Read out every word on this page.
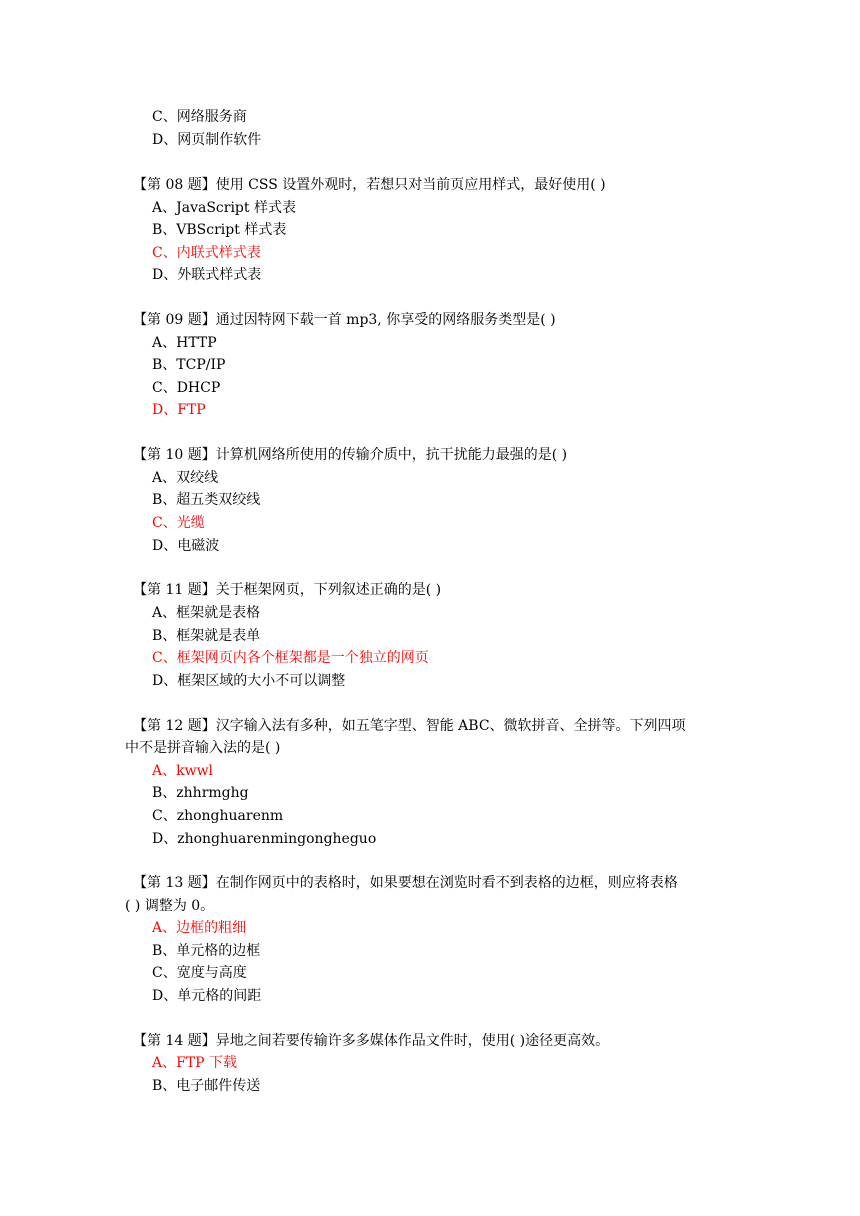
C、网络服务商
D、网页制作软件
【第 08 题】使用 CSS 设置外观时，若想只对当前页应用样式，最好使用( )
A、JavaScript 样式表
B、VBScript 样式表
C、内联式样式表
D、外联式样式表
【第 09 题】通过因特网下载一首 mp3, 你享受的网络服务类型是( )
A、HTTP
B、TCP/IP
C、DHCP
D、FTP
【第 10 题】计算机网络所使用的传输介质中，抗干扰能力最强的是( )
A、双绞线
B、超五类双绞线
C、光缆
D、电磁波
【第 11 题】关于框架网页，下列叙述正确的是( )
A、框架就是表格
B、框架就是表单
C、框架网页内各个框架都是一个独立的网页
D、框架区域的大小不可以调整
【第 12 题】汉字输入法有多种，如五笔字型、智能 ABC、微软拼音、全拼等。下列四项
中不是拼音输入法的是( )
A、kwwl
B、zhhrmghg
C、zhonghuarenm
D、zhonghuarenmingongheguo
【第 13 题】在制作网页中的表格时，如果要想在浏览时看不到表格的边框，则应将表格
( ) 调整为 0。
A、边框的粗细
B、单元格的边框
C、宽度与高度
D、单元格的间距
【第 14 题】异地之间若要传输许多多媒体作品文件时，使用( )途径更高效。
A、FTP 下载
B、电子邮件传送
